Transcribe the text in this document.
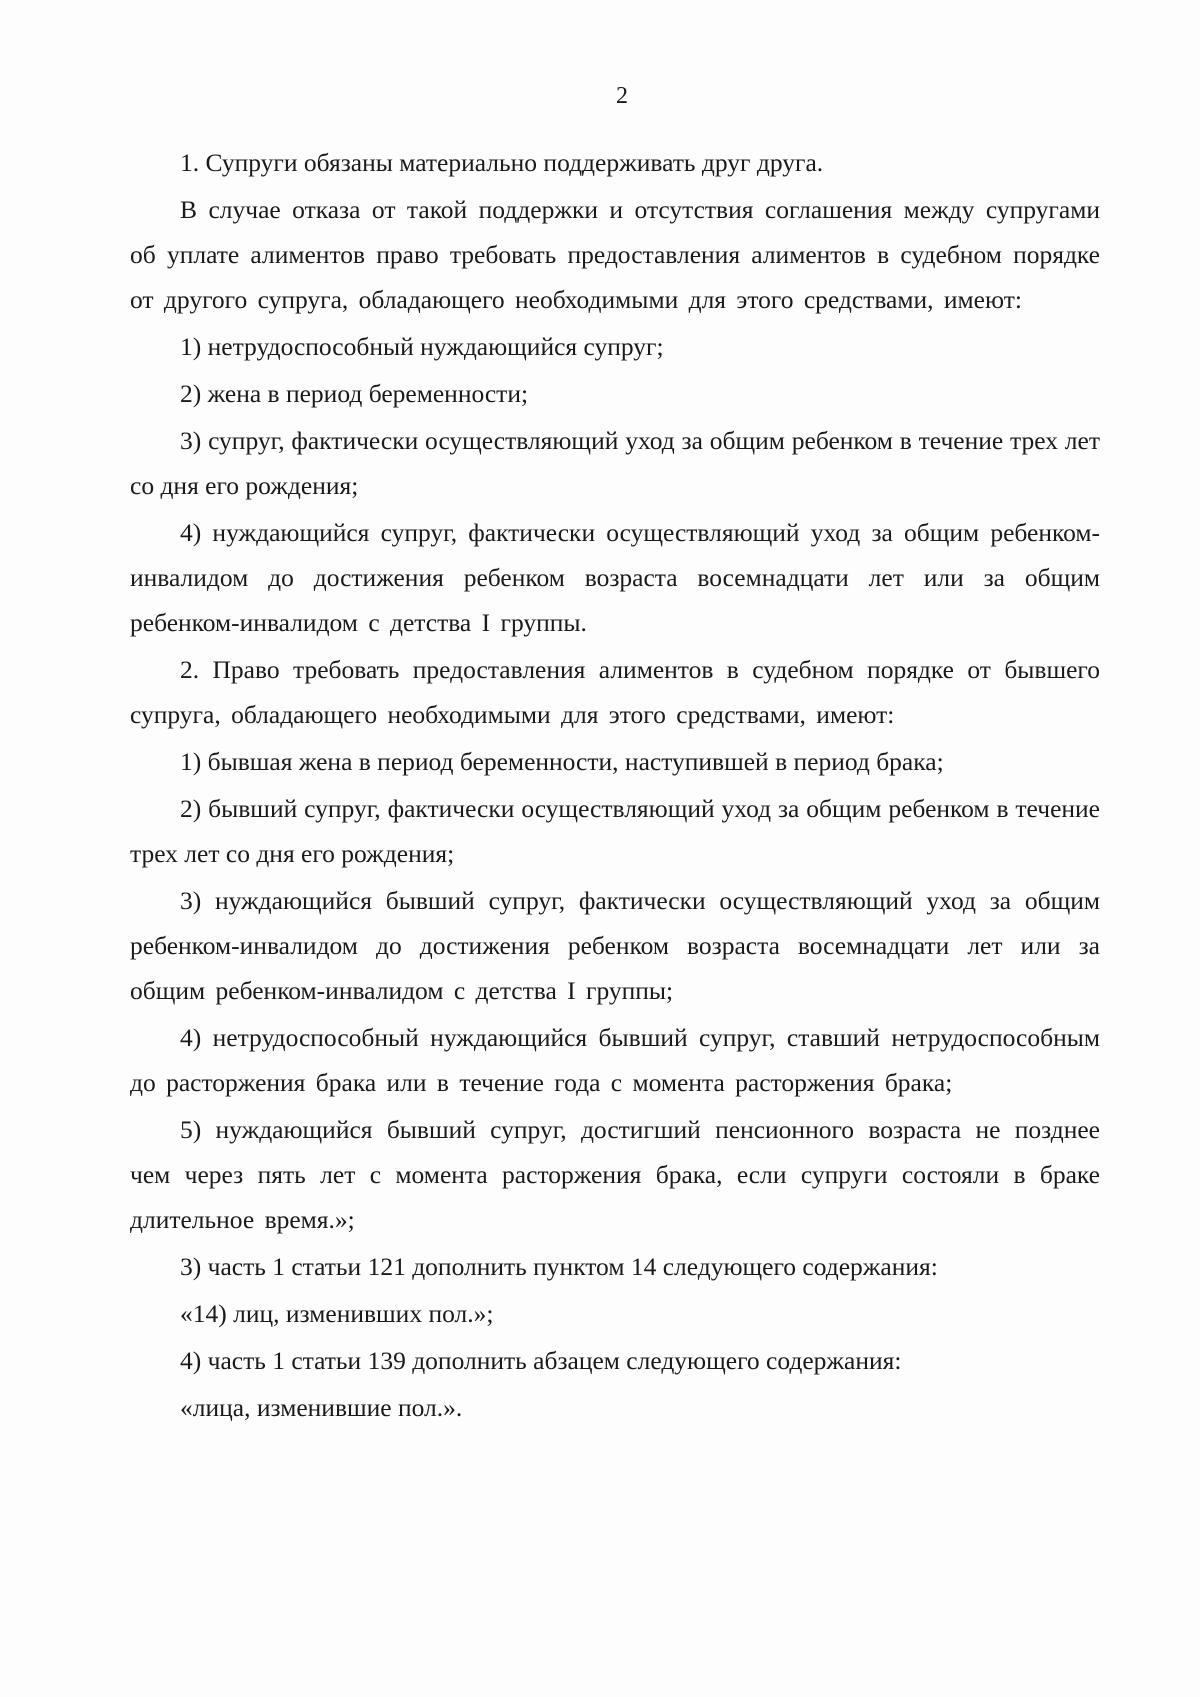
2

1. Супруги обязаны материально поддерживать друг друга.

В случае отказа от такой поддержки и отсутствия соглашения между супругами об уплате алиментов право требовать предоставления алиментов в судебном порядке от другого супруга, обладающего необходимыми для этого средствами, имеют:

1) нетрудоспособный нуждающийся супруг;

2) жена в период беременности;

3) супруг, фактически осуществляющий уход за общим ребенком в течение трех лет со дня его рождения;

4) нуждающийся супруг, фактически осуществляющий уход за общим ребенком-инвалидом до достижения ребенком возраста восемнадцати лет или за общим ребенком-инвалидом с детства I группы.

2. Право требовать предоставления алиментов в судебном порядке от бывшего супруга, обладающего необходимыми для этого средствами, имеют:

1) бывшая жена в период беременности, наступившей в период брака;

2) бывший супруг, фактически осуществляющий уход за общим ребенком в течение трех лет со дня его рождения;

3) нуждающийся бывший супруг, фактически осуществляющий уход за общим ребенком-инвалидом до достижения ребенком возраста восемнадцати лет или за общим ребенком-инвалидом с детства I группы;

4) нетрудоспособный нуждающийся бывший супруг, ставший нетрудоспособным до расторжения брака или в течение года с момента расторжения брака;

5) нуждающийся бывший супруг, достигший пенсионного возраста не позднее чем через пять лет с момента расторжения брака, если супруги состояли в браке длительное время.»;

3) часть 1 статьи 121 дополнить пунктом 14 следующего содержания:

«14) лиц, изменивших пол.»;

4) часть 1 статьи 139 дополнить абзацем следующего содержания:

«лица, изменившие пол.».
